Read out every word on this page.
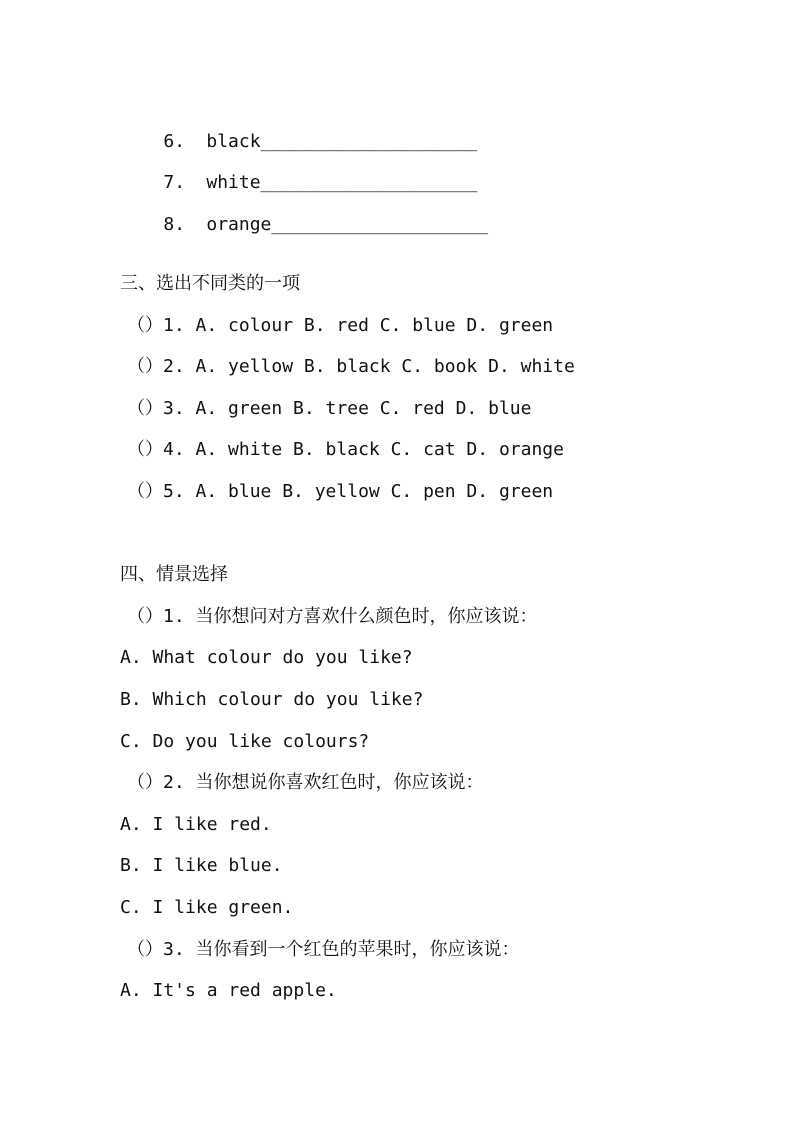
6. black____________________

7. white____________________

8. orange____________________

三、选出不同类的一项
（）1. A. colour B. red C. blue D. green
（）2. A. yellow B. black C. book D. white
（）3. A. green B. tree C. red D. blue
（）4. A. white B. black C. cat D. orange
（）5. A. blue B. yellow C. pen D. green
四、情景选择
（）1. 当你想问对方喜欢什么颜色时，你应该说：
A. What colour do you like?
B. Which colour do you like?
C. Do you like colours?
（）2. 当你想说你喜欢红色时，你应该说：
A. I like red.
B. I like blue.
C. I like green.
（）3. 当你看到一个红色的苹果时，你应该说：
A. It's a red apple.
